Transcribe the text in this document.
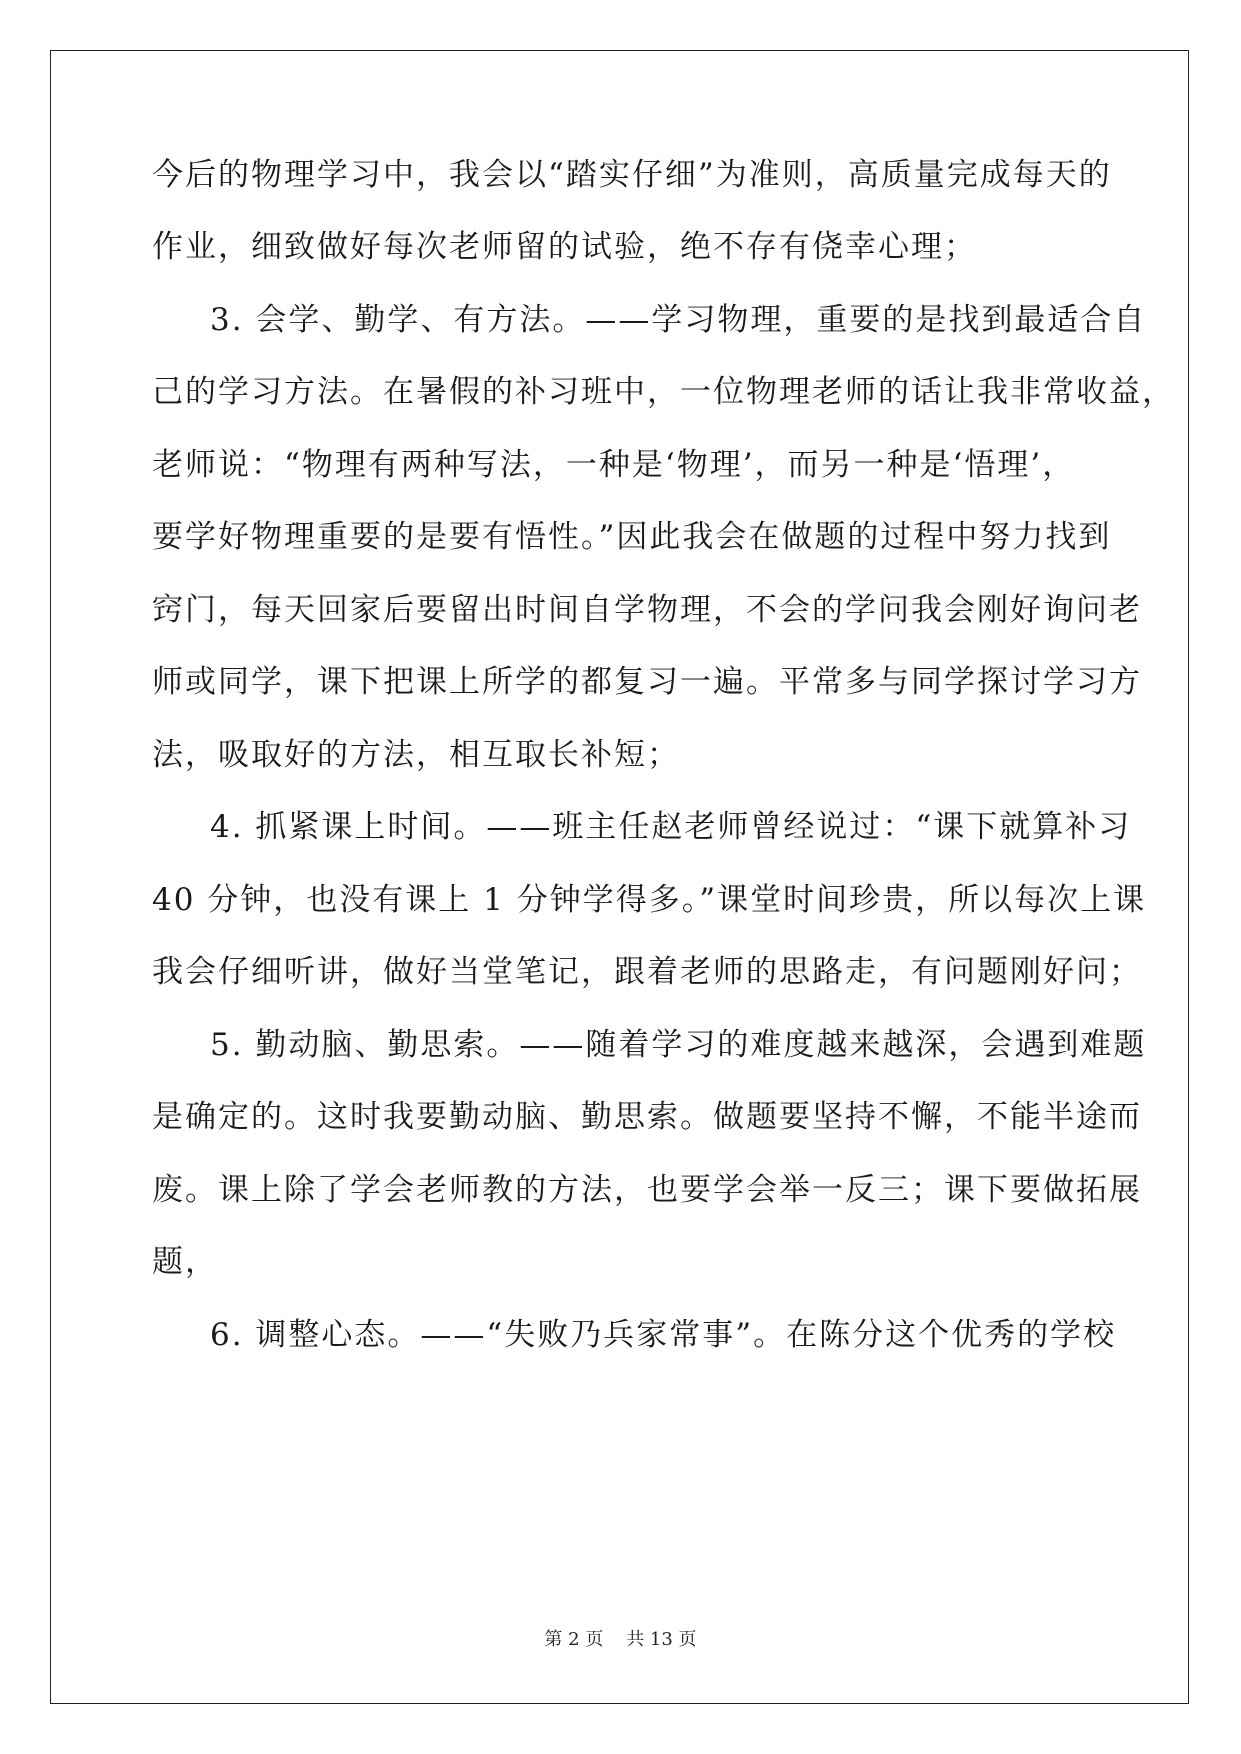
今后的物理学习中，我会以“踏实仔细”为准则，高质量完成每天的
作业，细致做好每次老师留的试验，绝不存有侥幸心理；
3. 会学、勤学、有方法。——学习物理，重要的是找到最适合自
己的学习方法。在暑假的补习班中，一位物理老师的话让我非常收益，
老师说：“物理有两种写法，一种是‘物理’，而另一种是‘悟理’，
要学好物理重要的是要有悟性。”因此我会在做题的过程中努力找到
窍门，每天回家后要留出时间自学物理，不会的学问我会刚好询问老
师或同学，课下把课上所学的都复习一遍。平常多与同学探讨学习方
法，吸取好的方法，相互取长补短；
4. 抓紧课上时间。——班主任赵老师曾经说过：“课下就算补习
40 分钟，也没有课上 1 分钟学得多。”课堂时间珍贵，所以每次上课
我会仔细听讲，做好当堂笔记，跟着老师的思路走，有问题刚好问；
5. 勤动脑、勤思索。——随着学习的难度越来越深，会遇到难题
是确定的。这时我要勤动脑、勤思索。做题要坚持不懈，不能半途而
废。课上除了学会老师教的方法，也要学会举一反三；课下要做拓展
题，
6. 调整心态。——“失败乃兵家常事”。在陈分这个优秀的学校
第 2 页    共 13 页
